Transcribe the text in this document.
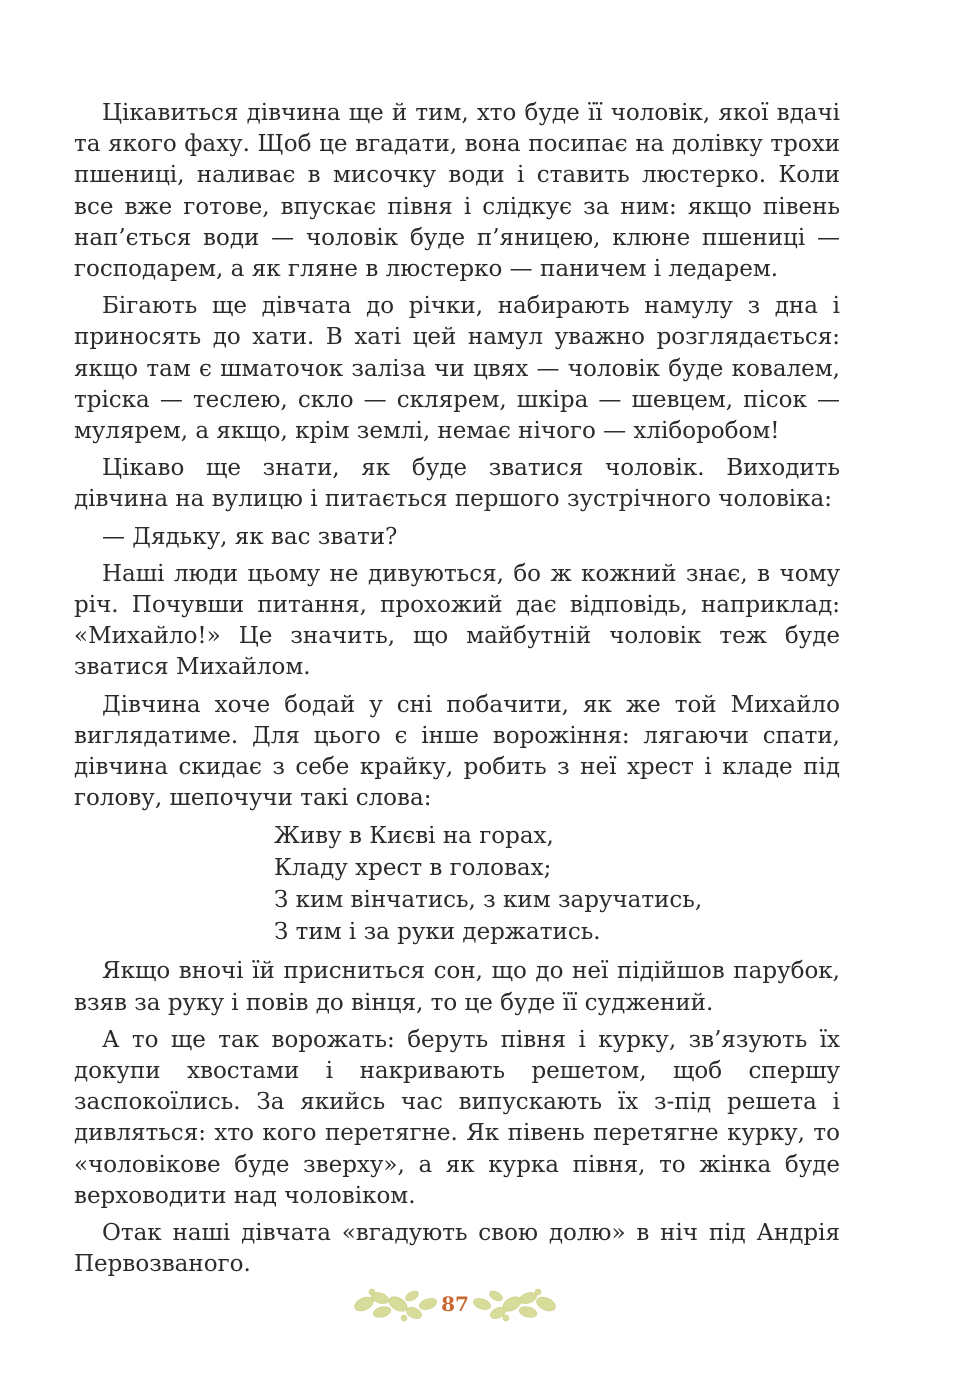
Цікавиться дівчина ще й тим, хто буде її чоловік, якої вдачі та якого фаху. Щоб це вгадати, вона посипає на долівку трохи пшениці, наливає в мисочку води і ставить люстерко. Коли все вже готове, впускає півня і слідкує за ним: якщо півень нап’ється води — чоловік буде п’яницею, клюне пшениці — господарем, а як гляне в люстерко — паничем і ледарем.

Бігають ще дівчата до річки, набирають намулу з дна і приносять до хати. В хаті цей намул уважно розглядається: якщо там є шматочок заліза чи цвях — чоловік буде ковалем, тріска — теслею, скло — склярем, шкіра — шевцем, пісок — мулярем, а якщо, крім землі, немає нічого — хліборобом!

Цікаво ще знати, як буде зватися чоловік. Виходить дівчина на вулицю і питається першого зустрічного чоловіка:

— Дядьку, як вас звати?

Наші люди цьому не дивуються, бо ж кожний знає, в чому річ. Почувши питання, прохожий дає відповідь, наприклад: «Михайло!» Це значить, що майбутній чоловік теж буде зватися Михайлом.

Дівчина хоче бодай у сні побачити, як же той Михайло виглядатиме. Для цього є інше ворожіння: лягаючи спати, дівчина скидає з себе крайку, робить з неї хрест і кладе під голову, шепочучи такі слова:

Живу в Києві на горах,
Кладу хрест в головах;
З ким вінчатись, з ким заручатись,
З тим і за руки держатись.

Якщо вночі їй присниться сон, що до неї підійшов парубок, взяв за руку і повів до вінця, то це буде її суджений.

А то ще так ворожать: беруть півня і курку, зв’язують їх докупи хвостами і накривають решетом, щоб спершу заспокоїлись. За якийсь час випускають їх з-під решета і дивляться: хто кого перетягне. Як півень перетягне курку, то «чоловікове буде зверху», а як курка півня, то жінка буде верховодити над чоловіком.

Отак наші дівчата «вгадують свою долю» в ніч під Андрія Первозваного.

87
